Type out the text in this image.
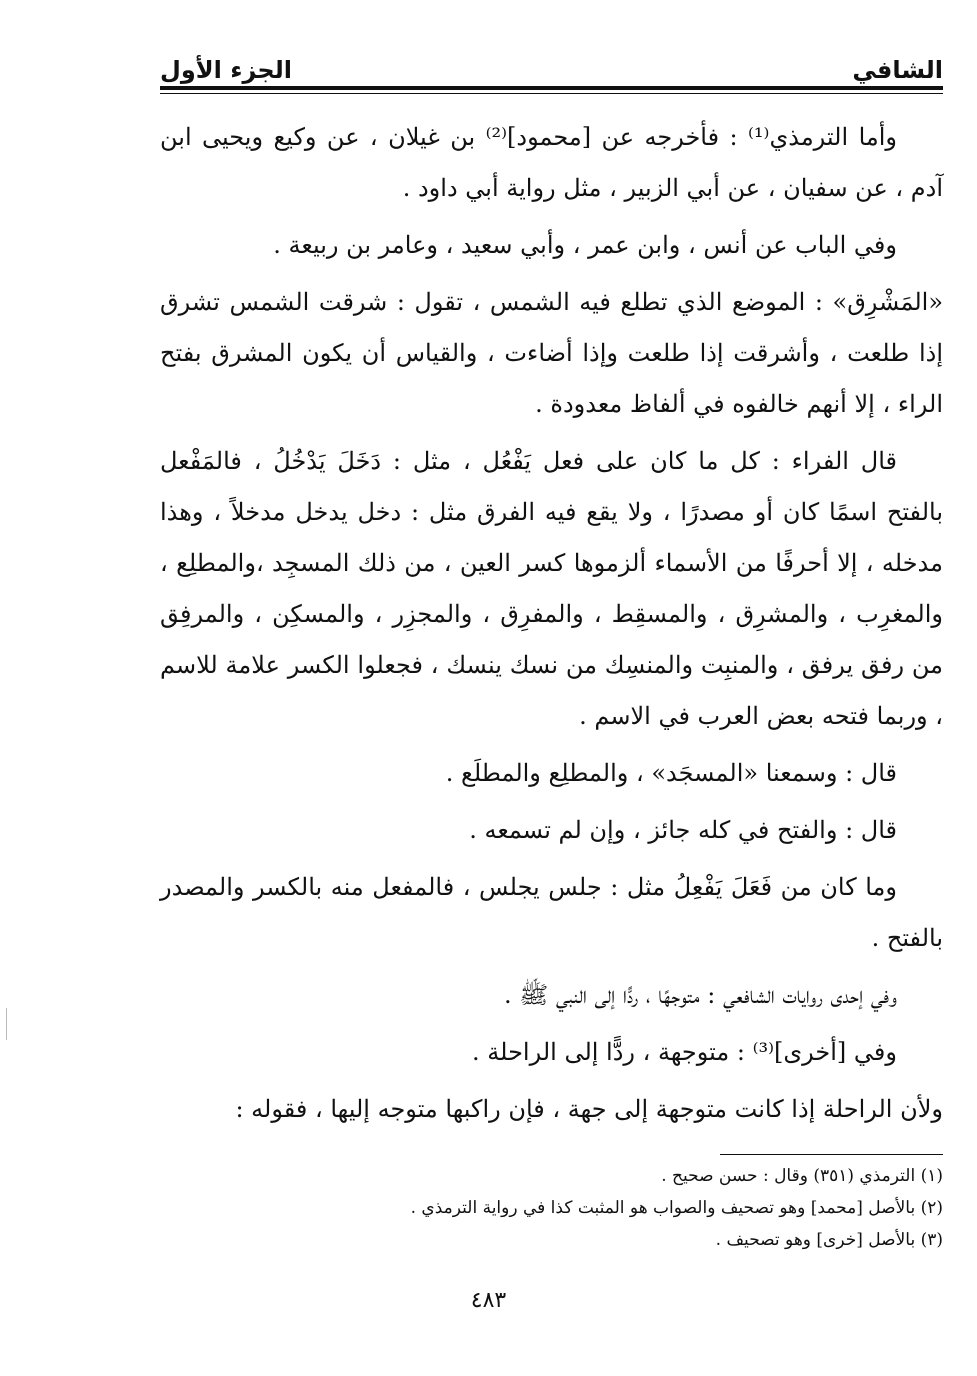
الشافي
الجزء الأول

وأما الترمذي⁽¹⁾ : فأخرجه عن [محمود]⁽²⁾ بن غيلان ، عن وكيع ويحيى ابن آدم ، عن سفيان ، عن أبي الزبير ، مثل رواية أبي داود .

وفي الباب عن أنس ، وابن عمر ، وأبي سعيد ، وعامر بن ربيعة .

«المَشْرِق» : الموضع الذي تطلع فيه الشمس ، تقول : شرقت الشمس تشرق إذا طلعت ، وأشرقت إذا طلعت وإذا أضاءت ، والقياس أن يكون المشرق بفتح الراء ، إلا أنهم خالفوه في ألفاظ معدودة .

قال الفراء : كل ما كان على فعل يَفْعُل ، مثل : دَخَلَ يَدْخُلُ ، فالمَفْعل بالفتح اسمًا كان أو مصدرًا ، ولا يقع فيه الفرق مثل : دخل يدخل مدخلاً ، وهذا مدخله ، إلا أحرفًا من الأسماء ألزموها كسر العين ، من ذلك المسجِد ،والمطلِع ، والمغرِب ، والمشرِق ، والمسقِط ، والمفرِق ، والمجزِر ، والمسكِن ، والمرفِق من رفق يرفق ، والمنبِت والمنسِك من نسك ينسك ، فجعلوا الكسر علامة للاسم ، وربما فتحه بعض العرب في الاسم .

قال : وسمعنا «المسجَد» ، والمطلِع والمطلَع .

قال : والفتح في كله جائز ، وإن لم تسمعه .

وما كان من فَعَلَ يَفْعِلُ مثل : جلس يجلس ، فالمفعل منه بالكسر والمصدر بالفتح .

وفي إحدى روايات الشافعي : متوجهًا ، ردًّا إلى النبي ﷺ .

وفي [أخرى]⁽³⁾ : متوجهة ، ردًّا إلى الراحلة .

ولأن الراحلة إذا كانت متوجهة إلى جهة ، فإن راكبها متوجه إليها ، فقوله :

(١) الترمذي (٣٥١) وقال : حسن صحيح .
(٢) بالأصل [محمد] وهو تصحيف والصواب هو المثبت كذا في رواية الترمذي .
(٣) بالأصل [خرى] وهو تصحيف .
٤٨٣
